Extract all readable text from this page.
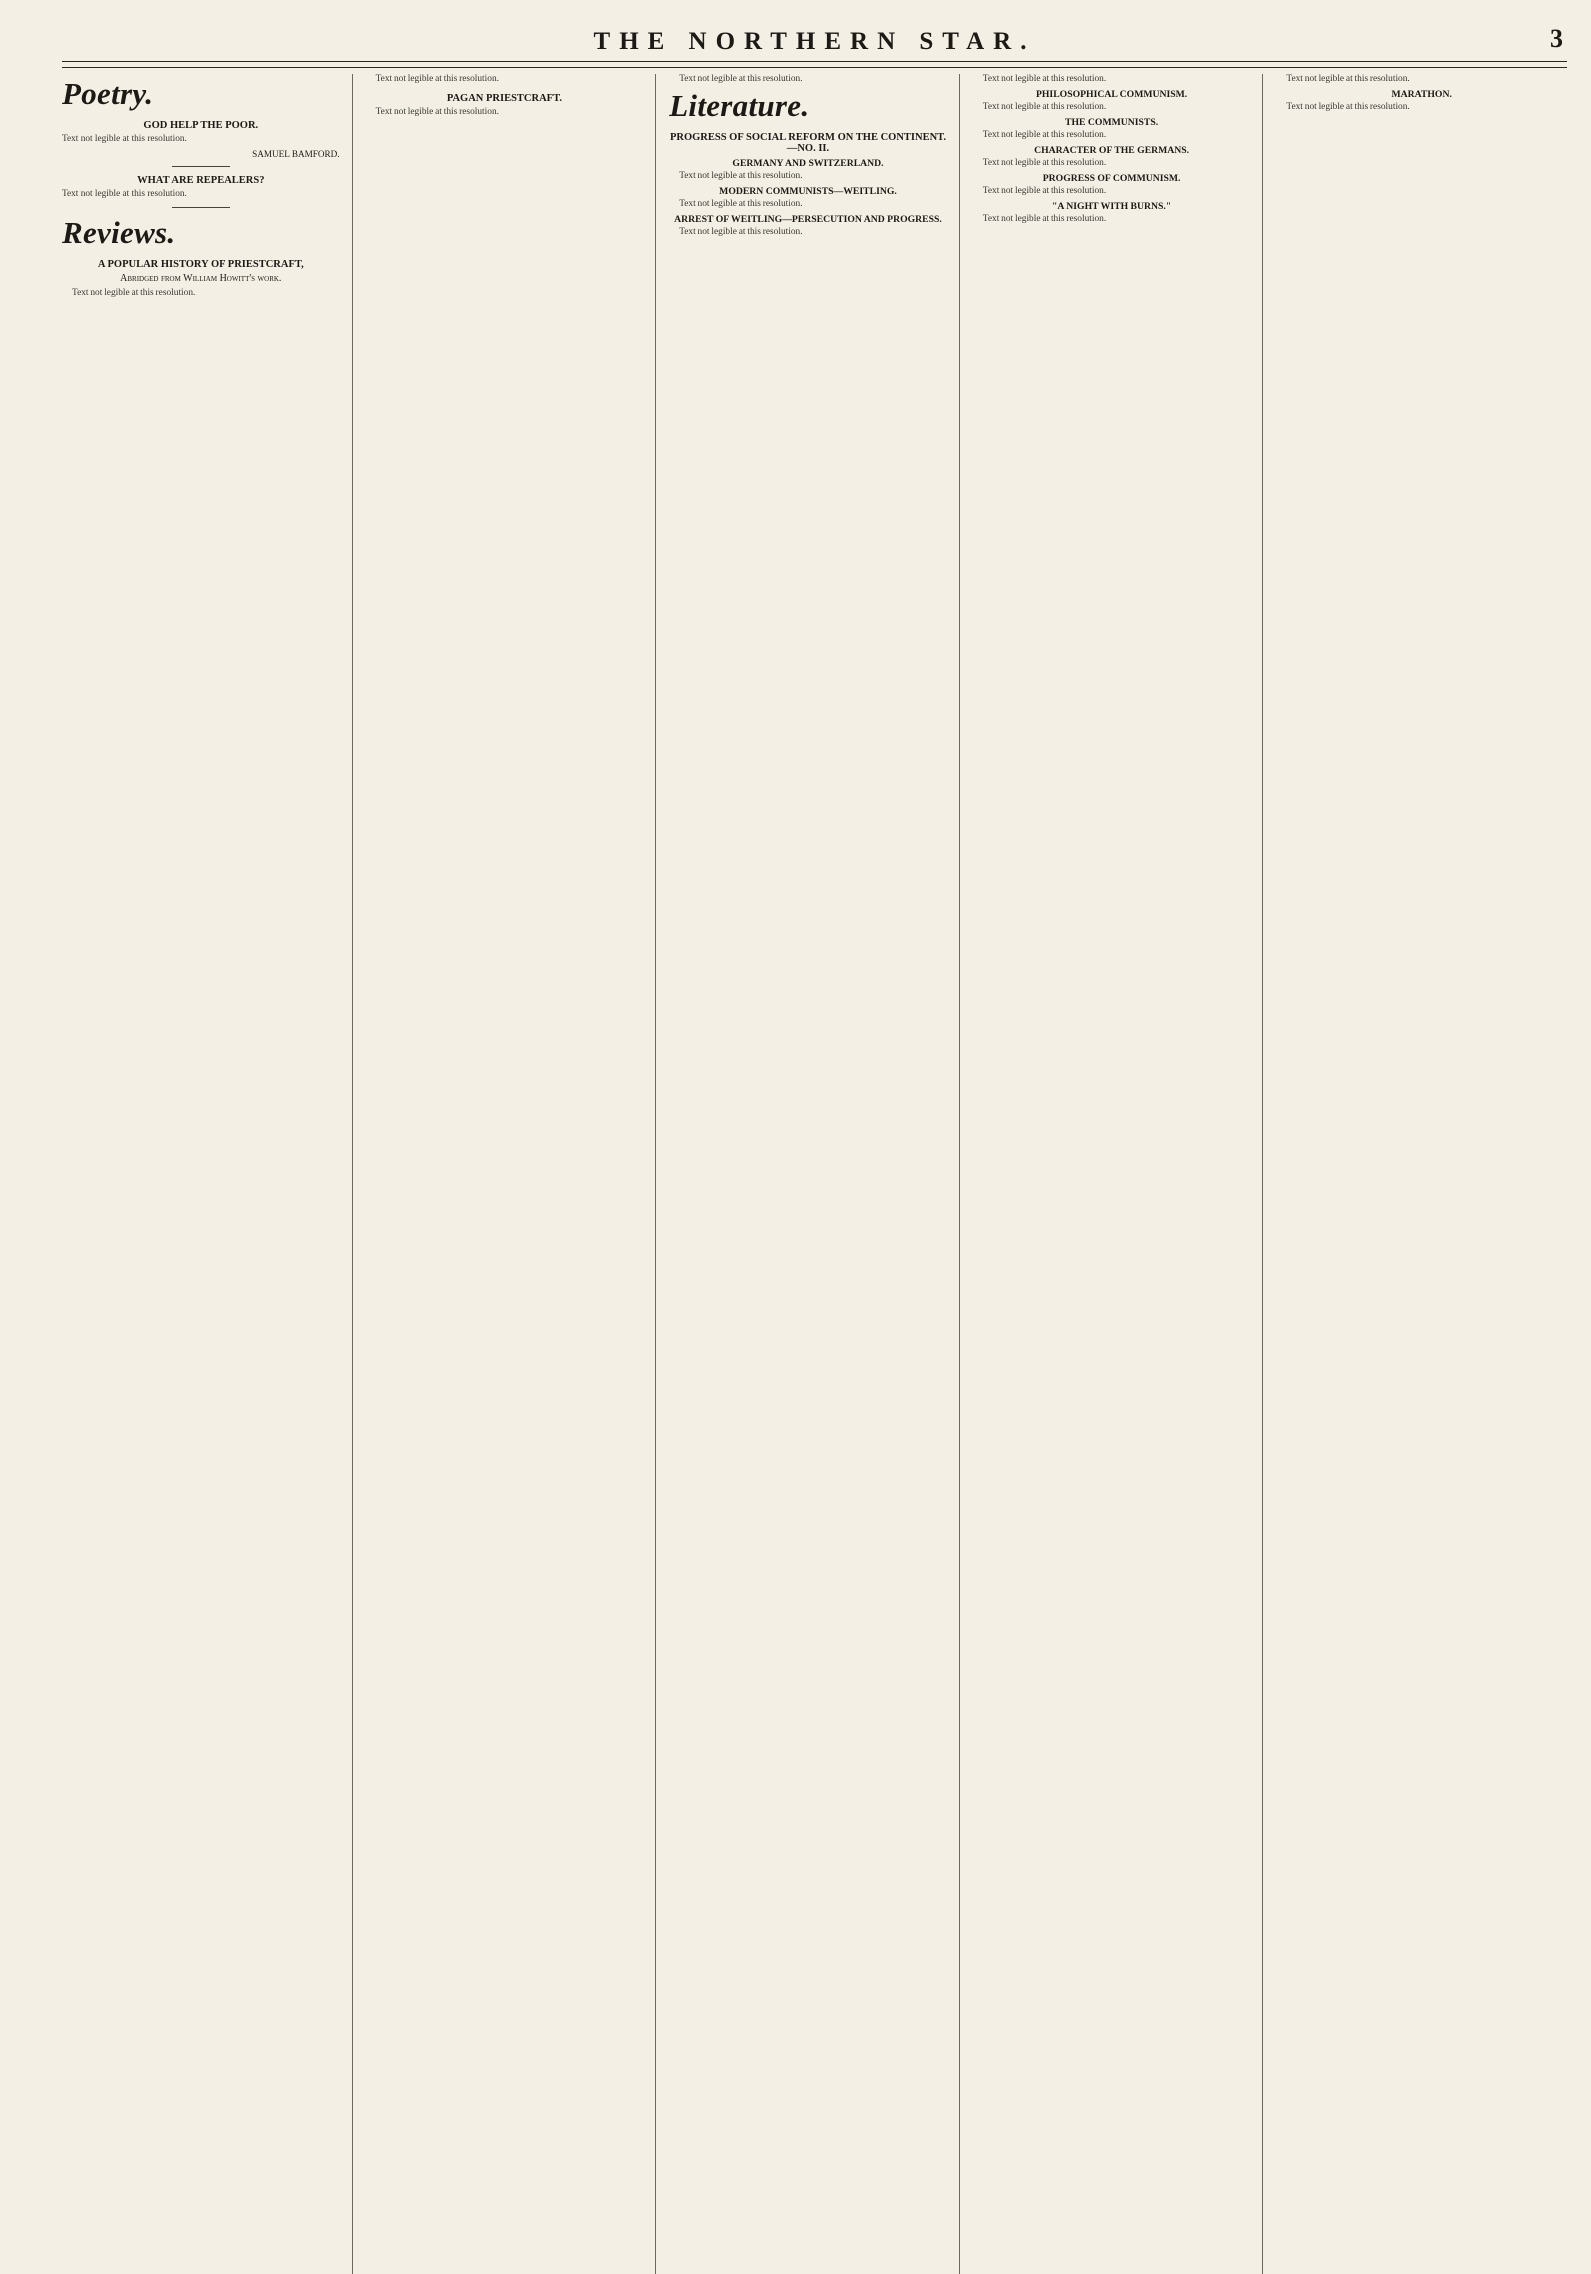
THE NORTHERN STAR.	3
Poetry.
GOD HELP THE POOR.

Text not legible at this resolution.

SAMUEL BAMFORD.
WHAT ARE REPEALERS?

Text not legible at this resolution.

Reviews.
A POPULAR HISTORY OF PRIESTCRAFT,
Abridged from William Howitt's work.

Text not legible at this resolution.

Text not legible at this resolution.

PAGAN PRIESTCRAFT.

Text not legible at this resolution.

Text not legible at this resolution.

Literature.
PROGRESS OF SOCIAL REFORM ON THE CONTINENT.—NO. II.
GERMANY AND SWITZERLAND.

Text not legible at this resolution.

MODERN COMMUNISTS—WEITLING.

Text not legible at this resolution.

ARREST OF WEITLING—PERSECUTION AND PROGRESS.

Text not legible at this resolution.

Text not legible at this resolution.

PHILOSOPHICAL COMMUNISM.

Text not legible at this resolution.

THE COMMUNISTS.

Text not legible at this resolution.

CHARACTER OF THE GERMANS.

Text not legible at this resolution.

PROGRESS OF COMMUNISM.

Text not legible at this resolution.

"A NIGHT WITH BURNS."

Text not legible at this resolution.

Text not legible at this resolution.

MARATHON.

Text not legible at this resolution.
